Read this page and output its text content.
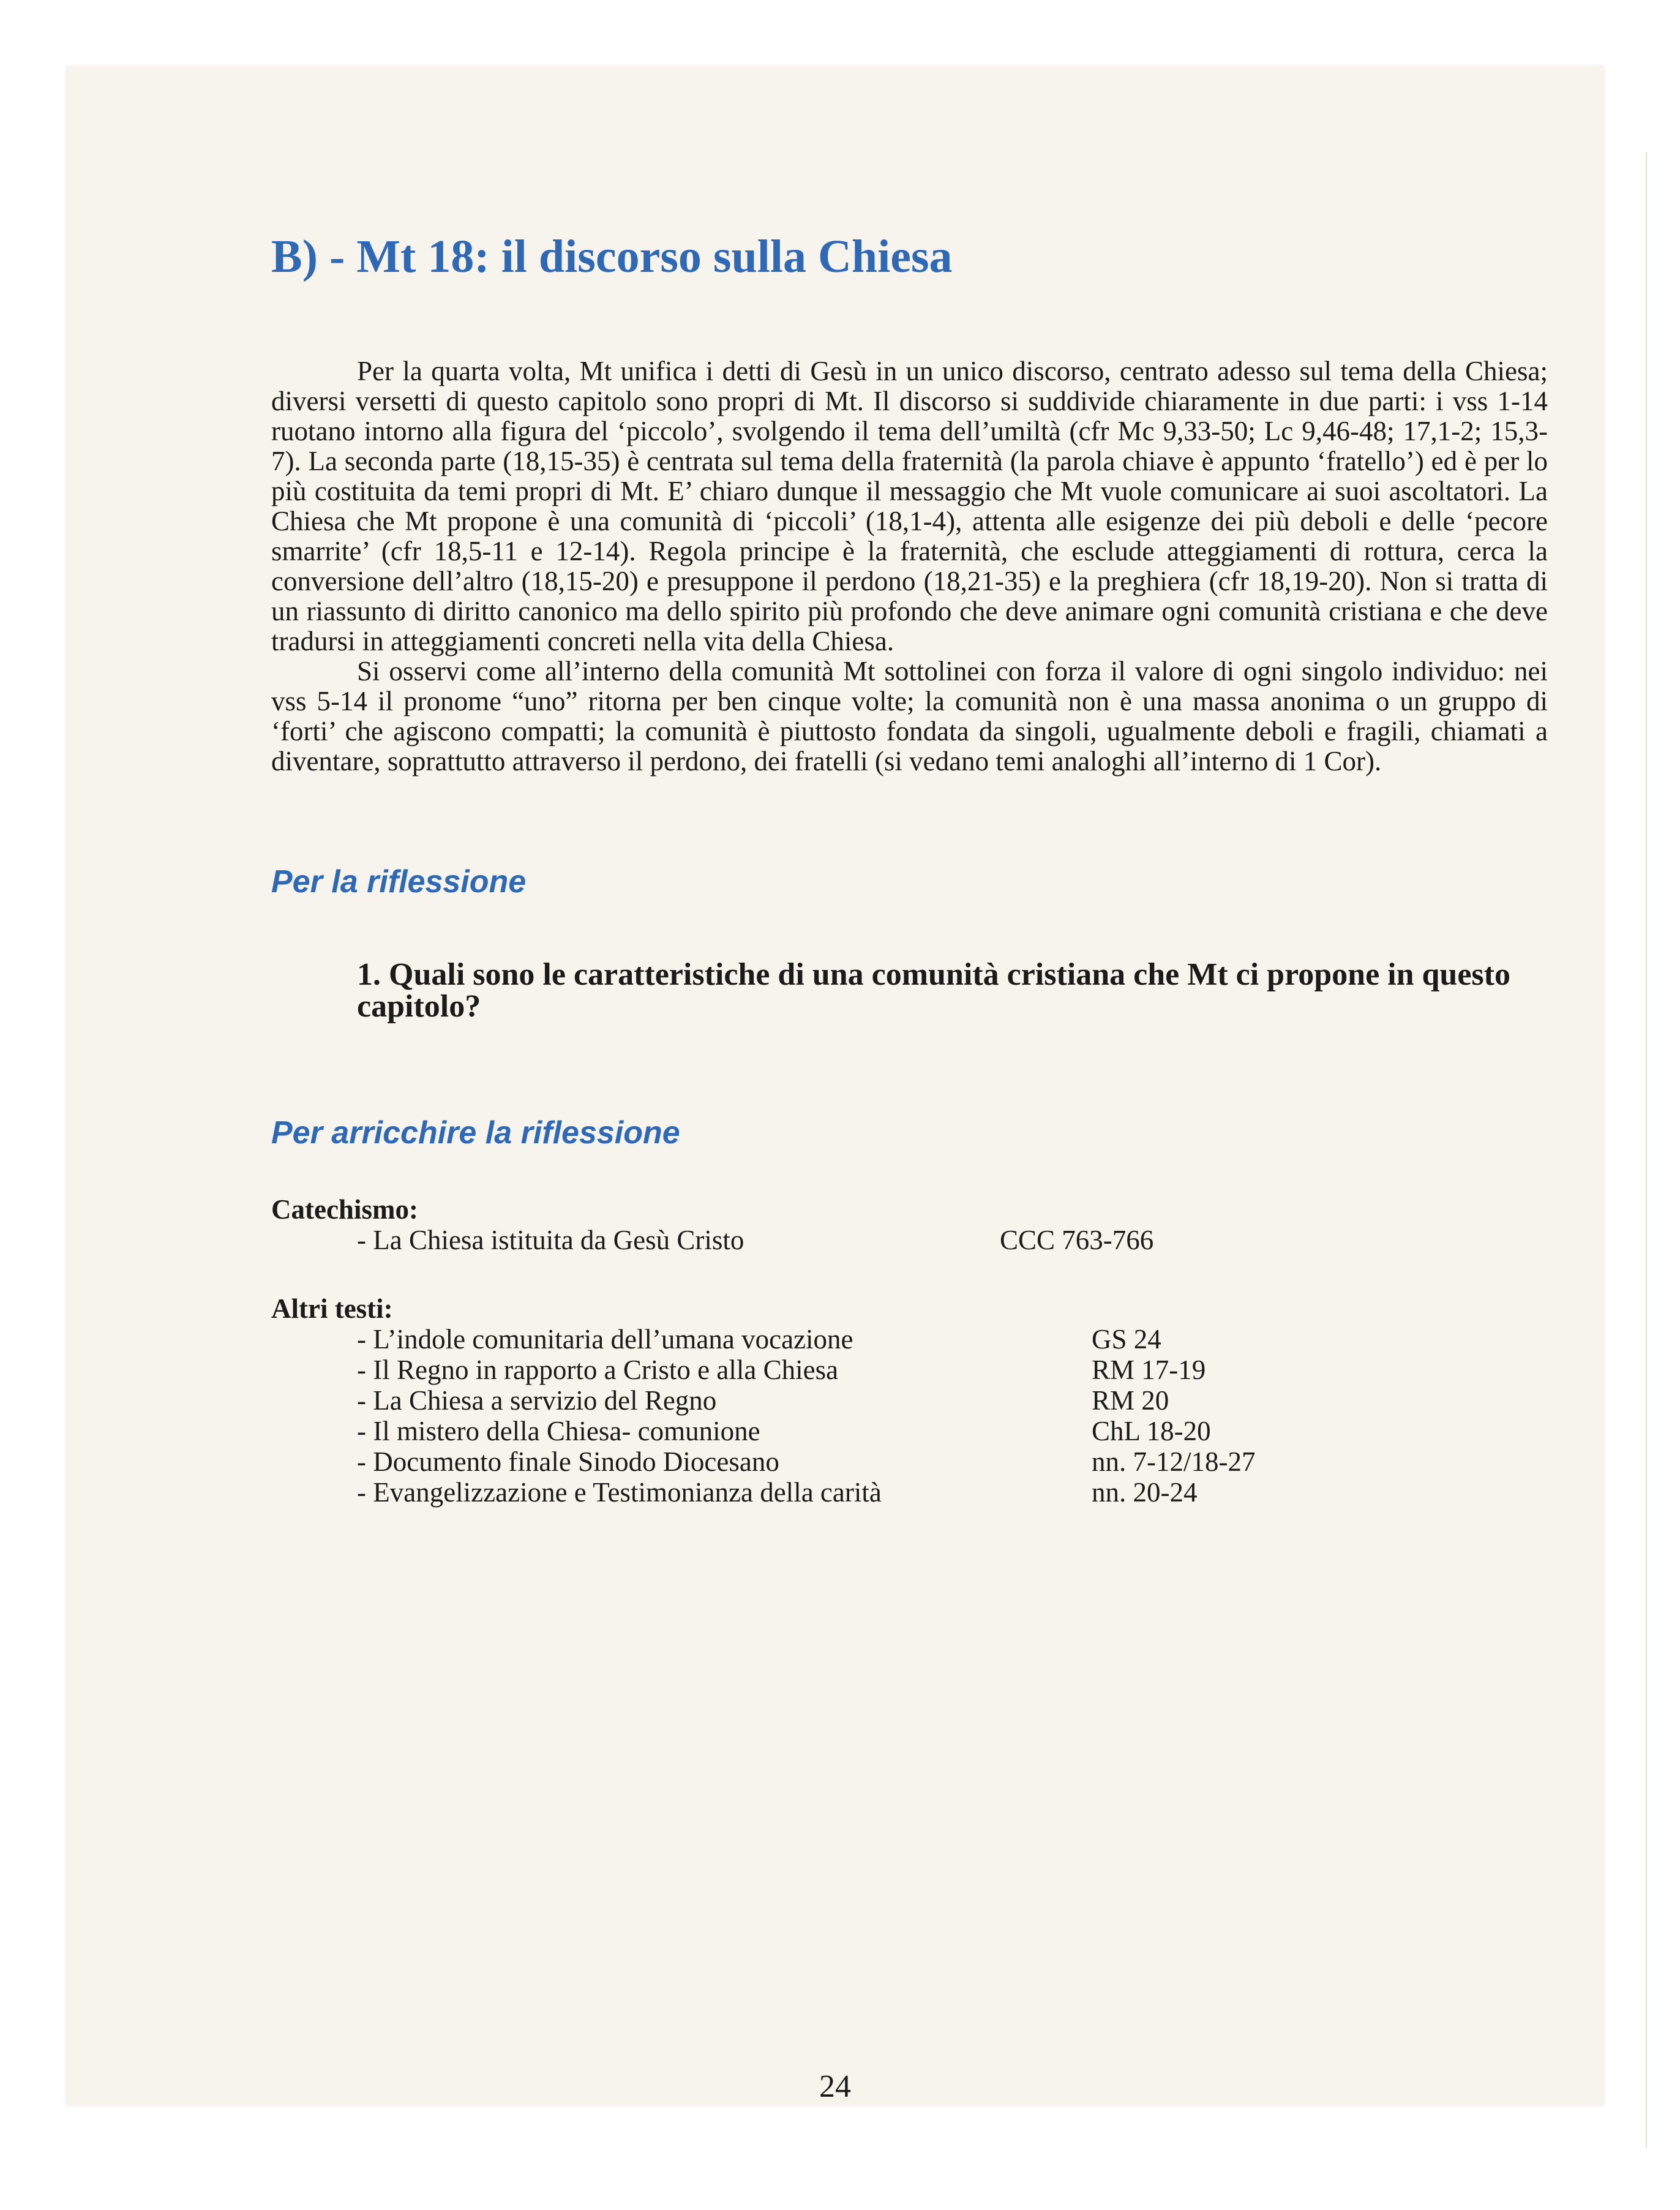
B) - Mt 18: il discorso sulla Chiesa

Per la quarta volta, Mt unifica i detti di Gesù in un unico discorso, centrato adesso sul tema della Chiesa; diversi versetti di questo capitolo sono propri di Mt. Il discorso si suddivide chiaramente in due parti: i vss 1-14 ruotano intorno alla figura del ‘piccolo’, svolgendo il tema dell’umiltà (cfr Mc 9,33-50; Lc 9,46-48; 17,1-2; 15,3-7). La seconda parte (18,15-35) è centrata sul tema della fraternità (la parola chiave è appunto ‘fratello’) ed è per lo più costituita da temi propri di Mt. E’ chiaro dunque il messaggio che Mt vuole comunicare ai suoi ascoltatori. La Chiesa che Mt propone è una comunità di ‘piccoli’ (18,1-4), attenta alle esigenze dei più deboli e delle ‘pecore smarrite’ (cfr 18,5-11 e 12-14). Regola principe è la fraternità, che esclude atteggiamenti di rottura, cerca la conversione dell’altro (18,15-20) e presuppone il perdono (18,21-35) e la preghiera (cfr 18,19-20). Non si tratta di un riassunto di diritto canonico ma dello spirito più profondo che deve animare ogni comunità cristiana e che deve tradursi in atteggiamenti concreti nella vita della Chiesa.

Si osservi come all’interno della comunità Mt sottolinei con forza il valore di ogni singolo individuo: nei vss 5-14 il pronome “uno” ritorna per ben cinque volte; la comunità non è una massa anonima o un gruppo di ‘forti’ che agiscono compatti; la comunità è piuttosto fondata da singoli, ugualmente deboli e fragili, chiamati a diventare, soprattutto attraverso il perdono, dei fratelli (si vedano temi analoghi all’interno di 1 Cor).

Per la riflessione
1. Quali sono le caratteristiche di una comunità cristiana che Mt ci propone in questo capitolo?
Per arricchire la riflessione
Catechismo:
- La Chiesa istituita da Gesù Cristo	CCC 763-766
Altri testi:
- L’indole comunitaria dell’umana vocazione	GS 24
- Il Regno in rapporto a Cristo e alla Chiesa	RM 17-19
- La Chiesa a servizio del Regno	RM 20
- Il mistero della Chiesa- comunione	ChL 18-20
- Documento finale Sinodo Diocesano	nn. 7-12/18-27
- Evangelizzazione e Testimonianza della carità	nn. 20-24
24
